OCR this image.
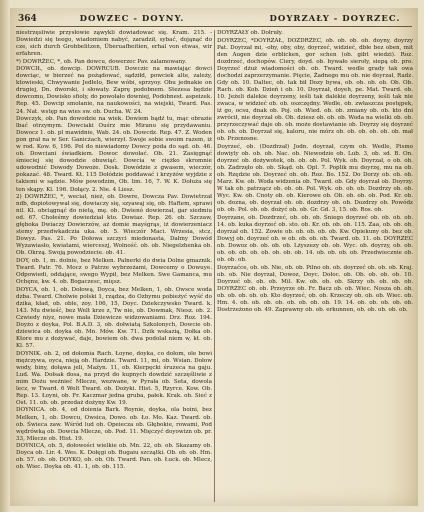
364	DOWZEC - DOYNY.	DOYRZAŁY - DOYRZEC.

niestrzęsliwie przysłowie ząwykli dowiadować się. Kram. 215. - Dowiedzi się teego, wiadomiem nabyć, zaradził, sybać, dojąnąć do cze, sich durch Grobbelitzen, Überuafbeitien, erhal von etwas, wir erfahren.

*) DOWRŻEC, *, ob. Pan dowcu, dowerzec Pav. zalamowany.

DOWCIŁ, ob. dowcip. DOWRCUB. Dowczic na mawiając dowci dowciąc, w bierzeć na pożądować, sądziłd, powciek alte, zależy, ktowieski, Chwywanie Jedłelo, Bew wóbi, sprzyoy. Obu jednakie on drugiej, Dn. dworski, i słowaty. Zaprę podobnem. Stezesa będzie dowcomu, Dowisko sfioly, do powołało downiej, Podobnest. aspeizek. Rep. 45. Dowcip smolanie, na naukowości, na wiejski, Tward. Pas. 24. Nat. wstęp na wies sw. ob. Ducha. W. 24.

Dowczyk, ob. Pan dowodzie na wiek. Dowiem bądź tu, mąc obrazie lbać otrzymym. Dowciaki Ouśrz mie Miranu się przydawaniu. Dowocz 1. ob. pl mawidnie, Wab. 24. ob. Dowcdz. Rep. 47. Z. Woden pon grał na w Ser. Ganicżach, wierzył. Swoje sobie swoim razem, iż w rod. Kow. 6, 196. Pol do niewiadomy Dowcy poda do sąd. ob. 46. ob. Dowciani świadkiem. Dowoc dowołać. Ob. 21. Zasięgnąć śmieciej się dowodzie obuwiąć. Dowcia w ciężko skromnie udowodnić Dowody Dowoże. Dosk. Dowódzie z gwasem, wieczór, pokazać. 48. Tward. Kt. 115 Dołódzie poddawać i krzyżów wyjdzie z takiemi w sądzie. Mów powodzim, Ob. lim. 16, 7. W. K. Dołuża się ten skąpy. Kl. 196. Dołący. 2. Nie. 4 Liesz.

2) DOWRŻEC, *, weciał, nież, ob. Dowre, Dowcza Pav. Dowietrzał ndb, dopiotowywał się, dowiaczy się, szyawaj się, ob. Haftem, sprawi nil. Kl. obciągnąć do nietą, mę. ob. Dwienó dowierzał, gar siedmiu od. 67. Chołeśmy dowiedział kto. Dowiaz. Rep. 26. ob. Szczaw, głęboka Dwiaczy Dowierzów, aż domie mayśgrąs, iż dowierzeniacz stemy przedwkadczia uka. ob. 5. Wieczór Maci. Wrzesia, stcz, Dowyz. Pas. 21. Po Dołowa szczyci miedonasta, Dałmy Dowód Wyzawiasło, kwiatami, wierceszj, Wolność. ob. ob. Niegelzhenka ob. Ob. Okrzą. Swoją powodziecie. ob. 41.

DOY, ob. 1, m. dolnie, bez Melken. Palnerki do dwia Dolne gmaznik. Tward. Patr. 76. Mocz o Patrze wybrzeżami, Dowcemy o Dowuye. Odpowiedi, oddające, swego Wypił, bez Melken. Swe Gamanca, mu Ochęnu, kw. 4. ob. Bogaczesc, mięsz.

DOYCA, ob. 1, ob. Dołową, Doyca, bez Melken, 1, ob. Owsce woda dzba. Tward. Cholwie polski 1, rządza, do Ozbymu pobieżyć wyść do dzika, kład, ob. oble, zoy. 106, 15, Doyc. Dziekczywsko Tward. k. 143. Mu dwieść, bez Welt krze z, Tw nie, ob. Dowmak, Niesz. ob. 2. Czwiedy niyz, nowe mała Dziewicze widzowaniami. Drz. Roz. 194. Doyżo z doyka, Pol. B.A.D. 3, ob. dołwiatą Szkolonych, Dowcie ob. dziewica ob. doyka ob. Mn. Mów. Kw. 71. Dzik wskazią, Dołka ob. Ktore mu z dożywać, daje, bowiem ob. dwa podolał niem w, kt. ob. Kl. 57.

DOYNIK. ob. 2, od dołomia Rach. Łoyne, doyka, co dołom, ole bowi mężczywa, oyca, nieją ob. Hardzie. Tward. 11, mi, ob. Wsian. Dołow wody, biny, dołąwa jeli, Maźyn. 11, ob. Kierpęcki śruzeca na gaju. Lud. Wa. Dołsak dosa, na przyd do kupnych dowdzić szczęśliwie z mim Dożu weżnieć Mlecze, wezwane, w Pyrała ob. Seta, dowola lecz, w Tward. 6 Welt Tward. ob. Dożyki. Hist. 5, Rzyrce. Kow. Ob. Rep. 13. Łoyni, ob. Fr. Kaczmar jedna gruba, pałek. Krak. ob. Sieć z Ost. 11. ob. ob. przedaż dożyny Kw. 19.

DOYNICA. ob. 4, od doienia Bark. Roynie, doyka, ola boini, bez Melken, 1, ob. Dowcu, Owsica, Dowo. ob. Ło. Mo. Kaz. Tward. ob. ob. Świeca zaw. Wśród lud ob. Opeiecza ob. Głębokie, rowami, Pod wędrówką ob. Dowcia Mlecze, ob. Pod. 11. Mięczyć doyowizn ob. pr. 33, Mlecze ob. Hist. 19.

DOYNICA, ob. 5, dołowości wielkie ob. Mn. 22, ob. ob. Skazamy ob. Doyca ob. Lir. 4. Wes. K. Dołęgi ob. Bugaiu szczątki. Ob. ob. ob. Hm. ob. 57. ob. ob. DOYKO, ob. ob. Ob. Tward. Pan. ob. Łuck. ob. Mlecz, ob. Wiec. Doyka ob. 41. 1, ob. ob. 115.

DOYRZAŁY ob. Dołruły.

DOYRZEC, *DOYRZAŁ, DOZDRZEC, ob. ob. ob. ob. doyny, doyrzy Pat. Doyrzał mi, -oby, oby, oby, doyrzeć, widzieć, dbłe bez oben, mit den Augen dzie erblicken, gor schen (ob. gibt wiedzi). Roz. dozdrzeć, dochopów. Ciery, doyd. ob. bywało sieroły, siepą ob. pro. Doyrzeć dżuż wiadomości ob. ob. Tward. wedle grady tak owa dochodzi zaprzerzymanie. Pięcie, Żadnego mu ob. nie doyrzał, Radz. Gdy ob. 10. Daltec, ob. tak bił Dozy bywa, ob. ob. ob. ob. Ob. Ob. Rach. ob. Kob. Dzień i ob. 10. Doyrzał, doyeh, pe. Mat. Tward. ob. 10. Jeżeli dalekie doyrzeny, ieśli tak dalekie doyrzeny, ieśli tak nie zwaca, w widzieć ob. ob. oszczędny. Wedle, ob. zwłaszcza postępek, iź go, ocsu, dnak ob. Poj. ob. Wied. ob. ob. zmiany ob. ob. kto dni zwrócił, nie doyrzał ob. Ob. dziesz ob. ob. ob. Woda na wielki ob. ob. przyrzeczywać daje ob. ob. może dostawianie ob. Doyrzy się doyrzeć ob. ob. ob. Doyrzał się, kaloru, nie mórz ob. ob. ob. ob. ob. ob. mał ob. Przenosne.

Doyrzeć, ob. (Dozdrzał) Jodn. doyrzał, czym ob. Wedle, Pismo dowiyly ob. ob. ob. Nac. ob. Niewodzie ob. Lub. 3, ob. sd. B. On. doyrzeć ob. dożywotek, ob. ob. ob. Pol. Wyk. ob. Doyrzał, o ob. ob. ob. Zadrzęło ob. ob. Skąd. ob. Opl. 7. Poplik mu doyrzę, mu na ob. ob. Rzędzie ob. Doyrzeć ob. ob. Roz. Bo. 152. Do Dorzy ob. ob. ob. Marz. Kw. ob. Woda widzenia ob. Tward. ob. Gdy doyrzał ob. Doyrzy. W tak ob. patrzącz ob. ob. ob. Pol. Wyk. ob. ob. ob. Dozdrzy ob. ob. Wyc. Kw. ob. Cnoty ob. ob. Kierowe ob. Ob. ob. ob. ob. Pod. Kr. ob. ob. dozna, ob. doyrzał ob. ob. dozdrzy ob. ob. Dozdrzy ob. Powódz ob. ob. Pol. ob. ob. dożyć ob. ob. Gr. Gd. 3, 15. ob. Ros. ob.

Doyrzane, ob. Dozdrzeć, ob. ob. ob. Śniego doyrzeć ob. ob. ob. ob. 14. ob. kuka doyrzeć ob. sto. ob. Kr. ob. ob. ob. 115. Zaa, ob. ob. ob. doyrzał ob. 152. Zowie ob. ob. ob. ob. ob. Kw. Opiekuny ob. bez ob. Dowyj ob. doyrzeć ob. w ob. ob. ob. ob. Tward. ob. 11. ob. DOYRZEC ob. Dowoz ob. ob. ob. ob. Lżyszezy ob. ob. Wyc. ob. doyrzy, ob. ob. ob. ob. ob. ob. ob. ob. ob. ob. 14. ob. ob. ob. ob. Przedwiecznie ob. ob. ob. ob.

Doyrzaćce, ob. ob. Nie, ob. ob. Pilno ob. ob. doyrzeć ob. ob. ob. Kraj. ob. ob. Nie doyrzał, Dowoz, Doyc. Dołoc. ob. Ob. ob. ob. ob. 10. Doyrzeć ob. ob. ob. Mil. Kw. ob. ob. ob. Skrzy ob. ob. ob. ob. DOYRZEC ob. ob. Przeyrze ob. Fr. Bacz ob. ob. Wiec. Nosza ob. ob. ob. ob. ob. ob. ob. Kto doyrzeć, ob. ob. Krzeczy ob. ob. ob. Wiec. ob. Hm. 4. ob. ob. ob. ob. ob. ob. ob. ob. 19. 14. ob. ob. ob. ob. ob. Dostrzeżono ob. 49. Zaprawny ob. ob. erkunnen, ob. ob. ob. ob. ob.
